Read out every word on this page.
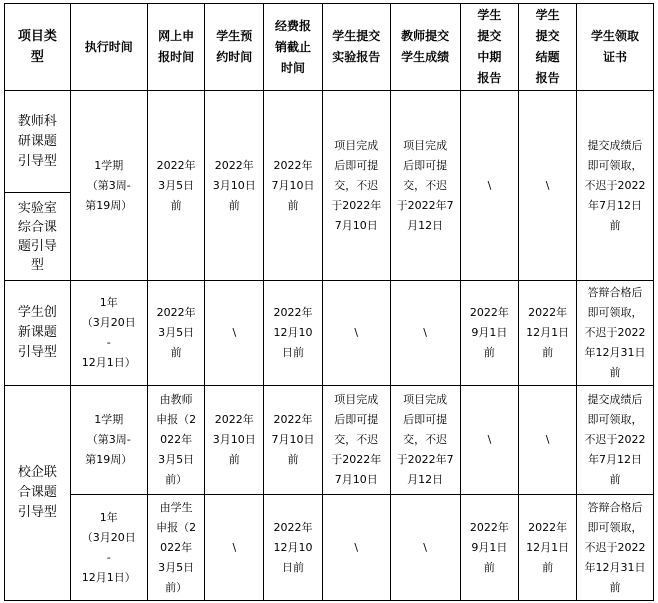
项目类
型	执行时间	网上申
报时间	学生预
约时间	经费报
销截止
时间	学生提交
实验报告	教师提交
学生成绩	学生
提交
中期
报告	学生
提交
结题
报告	学生领取
证书
教师科
研课题
引导型	1学期
（第3周-
第19周）	2022年
3月5日
前	2022年
3月10日
前	2022年
7月10日
前	项目完成
后即可提
交，不迟
于2022年
7月10日	项目完成
后即可提
交，不迟
于2022年7
月12日	\	\	提交成绩后
即可领取，
不迟于2022
年7月12日
前
实验室
综合课
题引导
型									
学生创
新课题
引导型	1年
（3月20日
-
12月1日）	2022年
3月5日
前	\	2022年
12月10
日前	\	\	2022年
9月1日
前	2022年
12月1日
前	答辩合格后
即可领取，
不迟于2022
年12月31日
前
校企联
合课题
引导型	1学期
（第3周-
第19周）	由教师
申报（2
022年
3月5日
前）	2022年
3月10日
前	2022年
7月10日
前	项目完成
后即可提
交，不迟
于2022年
7月10日	项目完成
后即可提
交，不迟
于2022年7
月12日	\	\	提交成绩后
即可领取，
不迟于2022
年7月12日
前
	1年
（3月20日
-
12月1日）	由学生
申报（2
022年
3月5日
前）	\	2022年
12月10
日前	\	\	2022年
9月1日
前	2022年
12月1日
前	答辩合格后
即可领取，
不迟于2022
年12月31日
前
